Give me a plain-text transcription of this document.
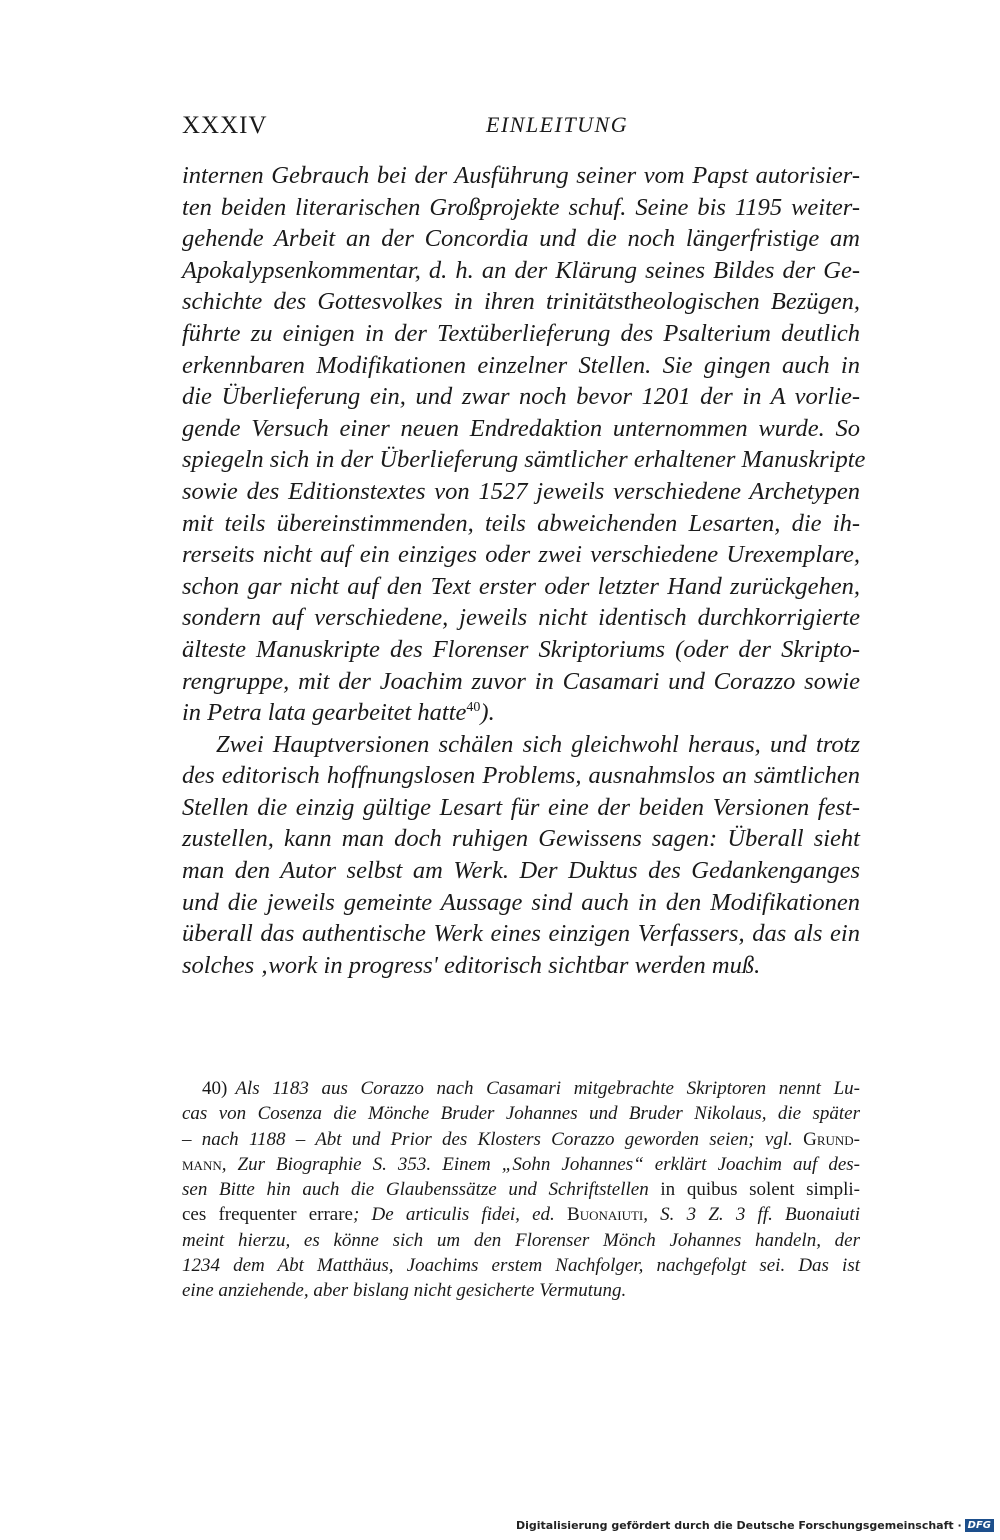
XXXIV	EINLEITUNG
internen Gebrauch bei der Ausführung seiner vom Papst autorisier-
ten beiden literarischen Großprojekte schuf. Seine bis 1195 weiter-
gehende Arbeit an der Concordia und die noch längerfristige am
Apokalypsenkommentar, d. h. an der Klärung seines Bildes der Ge-
schichte des Gottesvolkes in ihren trinitätstheologischen Bezügen,
führte zu einigen in der Textüberlieferung des Psalterium deutlich
erkennbaren Modifikationen einzelner Stellen. Sie gingen auch in
die Überlieferung ein, und zwar noch bevor 1201 der in A vorlie-
gende Versuch einer neuen Endredaktion unternommen wurde. So
spiegeln sich in der Überlieferung sämtlicher erhaltener Manuskripte
sowie des Editionstextes von 1527 jeweils verschiedene Archetypen
mit teils übereinstimmenden, teils abweichenden Lesarten, die ih-
rerseits nicht auf ein einziges oder zwei verschiedene Urexemplare,
schon gar nicht auf den Text erster oder letzter Hand zurückgehen,
sondern auf verschiedene, jeweils nicht identisch durchkorrigierte
älteste Manuskripte des Florenser Skriptoriums (oder der Skripto-
rengruppe, mit der Joachim zuvor in Casamari und Corazzo sowie
in Petra lata gearbeitet hatte$^{40}$).
Zwei Hauptversionen schälen sich gleichwohl heraus, und trotz
des editorisch hoffnungslosen Problems, ausnahmslos an sämtlichen
Stellen die einzig gültige Lesart für eine der beiden Versionen fest-
zustellen, kann man doch ruhigen Gewissens sagen: Überall sieht
man den Autor selbst am Werk. Der Duktus des Gedankenganges
und die jeweils gemeinte Aussage sind auch in den Modifikationen
überall das authentische Werk eines einzigen Verfassers, das als ein
solches ‚work in progress' editorisch sichtbar werden muß.
40) Als 1183 aus Corazzo nach Casamari mitgebrachte Skriptoren nennt Lu-
cas von Cosenza die Mönche Bruder Johannes und Bruder Nikolaus, die später
– nach 1188 – Abt und Prior des Klosters Corazzo geworden seien; vgl. Grund-
mann, Zur Biographie S. 353. Einem „Sohn Johannes“ erklärt Joachim auf des-
sen Bitte hin auch die Glaubenssätze und Schriftstellen in quibus solent simpli-
ces frequenter errare; De articulis fidei, ed. Buonaiuti, S. 3 Z. 3 ff. Buonaiuti
meint hierzu, es könne sich um den Florenser Mönch Johannes handeln, der
1234 dem Abt Matthäus, Joachims erstem Nachfolger, nachgefolgt sei. Das ist
eine anziehende, aber bislang nicht gesicherte Vermutung.
Digitalisierung gefördert durch die Deutsche Forschungsgemeinschaft · DFG
